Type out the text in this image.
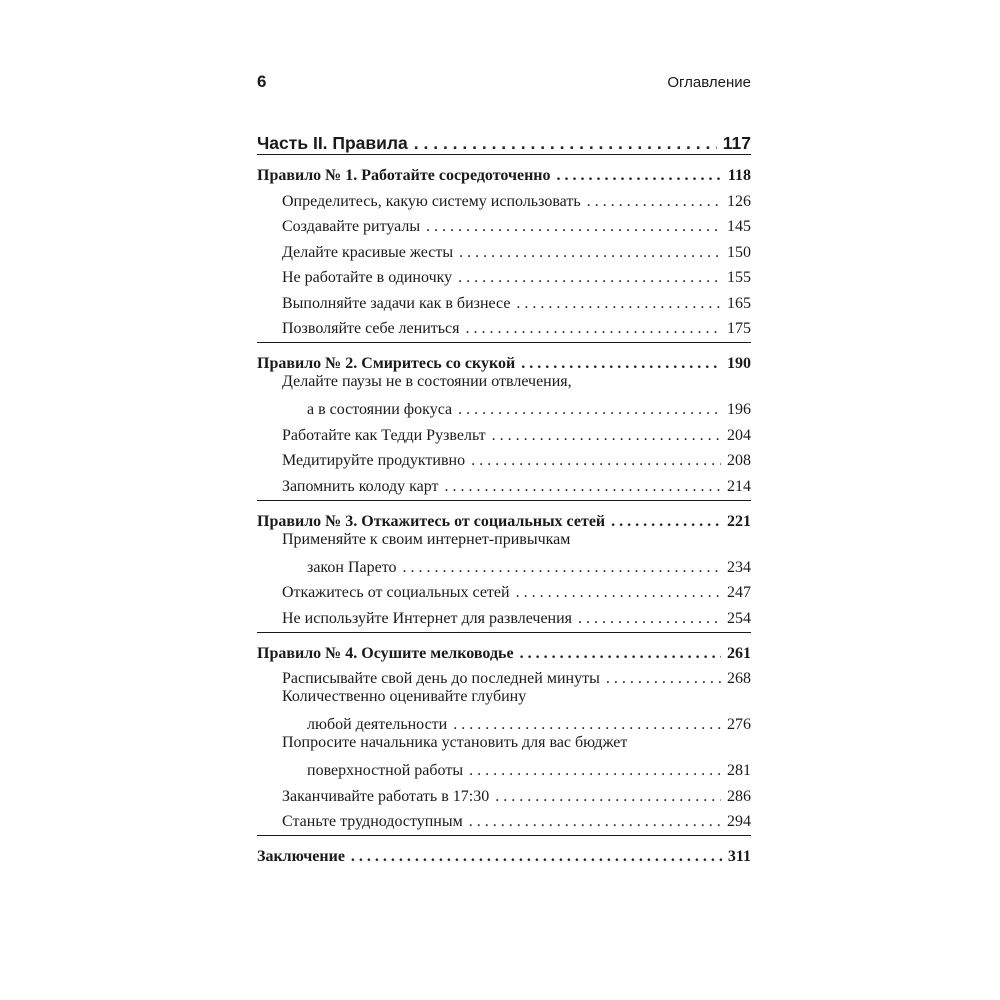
6	Оглавление
Часть II. Правила . . .	117
Правило № 1. Работайте сосредоточенно . . .	118
Определитесь, какую систему использовать . . .	126
Создавайте ритуалы . . .	145
Делайте красивые жесты . . .	150
Не работайте в одиночку . . .	155
Выполняйте задачи как в бизнесе . . .	165
Позволяйте себе лениться . . .	175
Правило № 2. Смиритесь со скукой . . .	190
Делайте паузы не в состоянии отвлечения,
а в состоянии фокуса . . .	196
Работайте как Тедди Рузвельт . . .	204
Медитируйте продуктивно . . .	208
Запомнить колоду карт . . .	214
Правило № 3. Откажитесь от социальных сетей . . .	221
Применяйте к своим интернет-привычкам
закон Парето . . .	234
Откажитесь от социальных сетей . . .	247
Не используйте Интернет для развлечения . . .	254
Правило № 4. Осушите мелководье . . .	261
Расписывайте свой день до последней минуты . . .	268
Количественно оценивайте глубину
любой деятельности . . .	276
Попросите начальника установить для вас бюджет
поверхностной работы . . .	281
Заканчивайте работать в 17:30 . . .	286
Станьте труднодоступным . . .	294
Заключение . . .	311
